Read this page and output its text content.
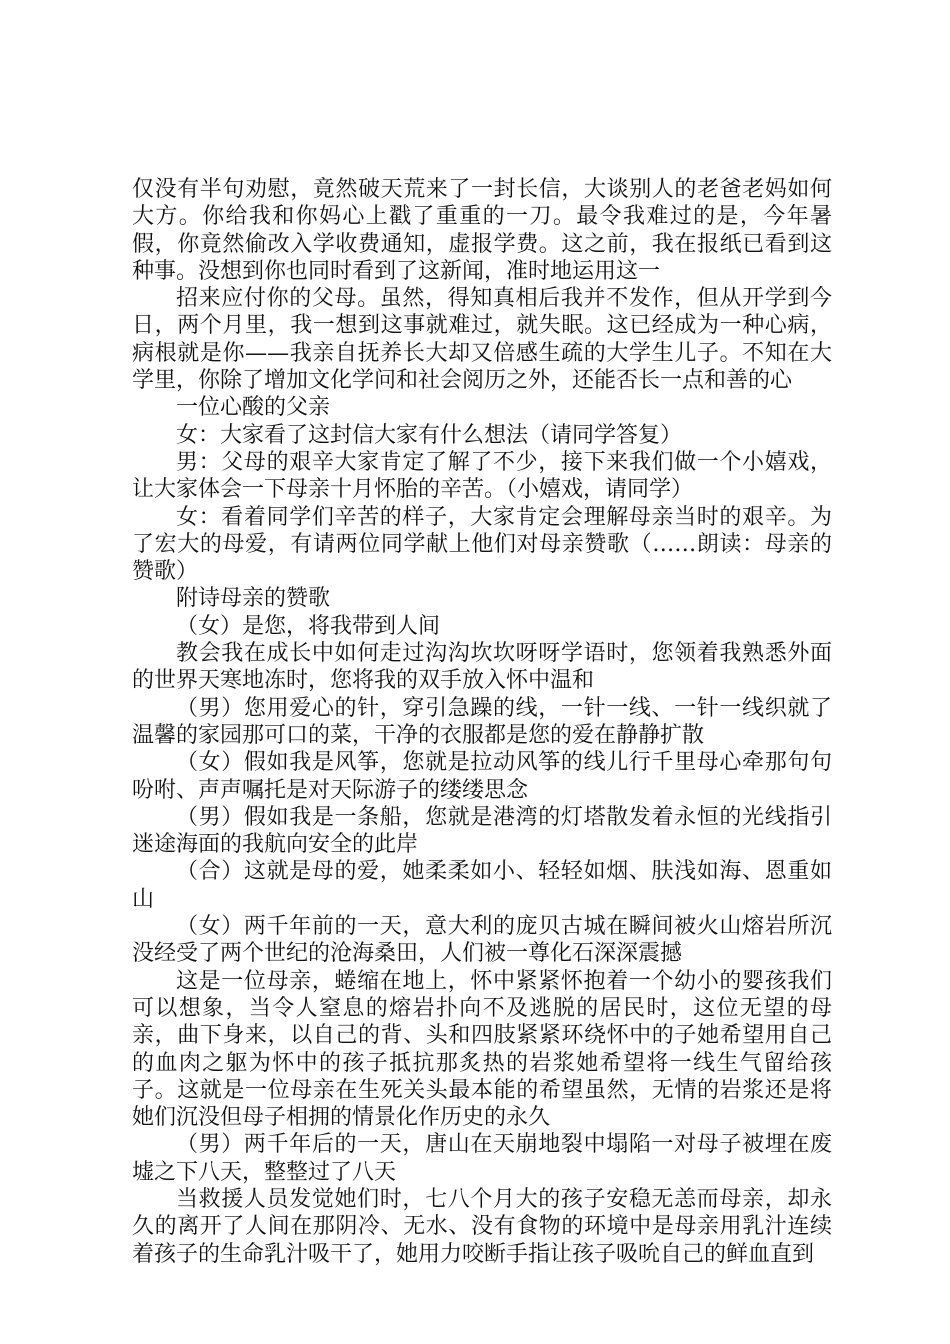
仅没有半句劝慰，竟然破天荒来了一封长信，大谈别人的老爸老妈如何大方。你给我和你妈心上戳了重重的一刀。最令我难过的是，今年暑假，你竟然偷改入学收费通知，虚报学费。这之前，我在报纸已看到这种事。没想到你也同时看到了这新闻，准时地运用这一

招来应付你的父母。虽然，得知真相后我并不发作，但从开学到今日，两个月里，我一想到这事就难过，就失眠。这已经成为一种心病，病根就是你——我亲自抚养长大却又倍感生疏的大学生儿子。不知在大学里，你除了增加文化学问和社会阅历之外，还能否长一点和善的心

一位心酸的父亲

女：大家看了这封信大家有什么想法（请同学答复）

男：父母的艰辛大家肯定了解了不少，接下来我们做一个小嬉戏，让大家体会一下母亲十月怀胎的辛苦。（小嬉戏，请同学）

女：看着同学们辛苦的样子，大家肯定会理解母亲当时的艰辛。为了宏大的母爱，有请两位同学献上他们对母亲赞歌（……朗读：母亲的赞歌）

附诗母亲的赞歌

（女）是您，将我带到人间

教会我在成长中如何走过沟沟坎坎呀呀学语时，您领着我熟悉外面的世界天寒地冻时，您将我的双手放入怀中温和

（男）您用爱心的针，穿引急躁的线，一针一线、一针一线织就了温馨的家园那可口的菜，干净的衣服都是您的爱在静静扩散

（女）假如我是风筝，您就是拉动风筝的线儿行千里母心牵那句句吩咐、声声嘱托是对天际游子的缕缕思念

（男）假如我是一条船，您就是港湾的灯塔散发着永恒的光线指引迷途海面的我航向安全的此岸

（合）这就是母的爱，她柔柔如小、轻轻如烟、肤浅如海、恩重如山

（女）两千年前的一天，意大利的庞贝古城在瞬间被火山熔岩所沉没经受了两个世纪的沧海桑田，人们被一尊化石深深震撼

这是一位母亲，蜷缩在地上，怀中紧紧怀抱着一个幼小的婴孩我们可以想象，当令人窒息的熔岩扑向不及逃脱的居民时，这位无望的母亲，曲下身来，以自己的背、头和四肢紧紧环绕怀中的子她希望用自己的血肉之躯为怀中的孩子抵抗那炙热的岩浆她希望将一线生气留给孩子。这就是一位母亲在生死关头最本能的希望虽然，无情的岩浆还是将她们沉没但母子相拥的情景化作历史的永久

（男）两千年后的一天，唐山在天崩地裂中塌陷一对母子被埋在废墟之下八天，整整过了八天

当救援人员发觉她们时，七八个月大的孩子安稳无恙而母亲，却永久的离开了人间在那阴冷、无水、没有食物的环境中是母亲用乳汁连续着孩子的生命乳汁吸干了，她用力咬断手指让孩子吸吮自己的鲜血直到
